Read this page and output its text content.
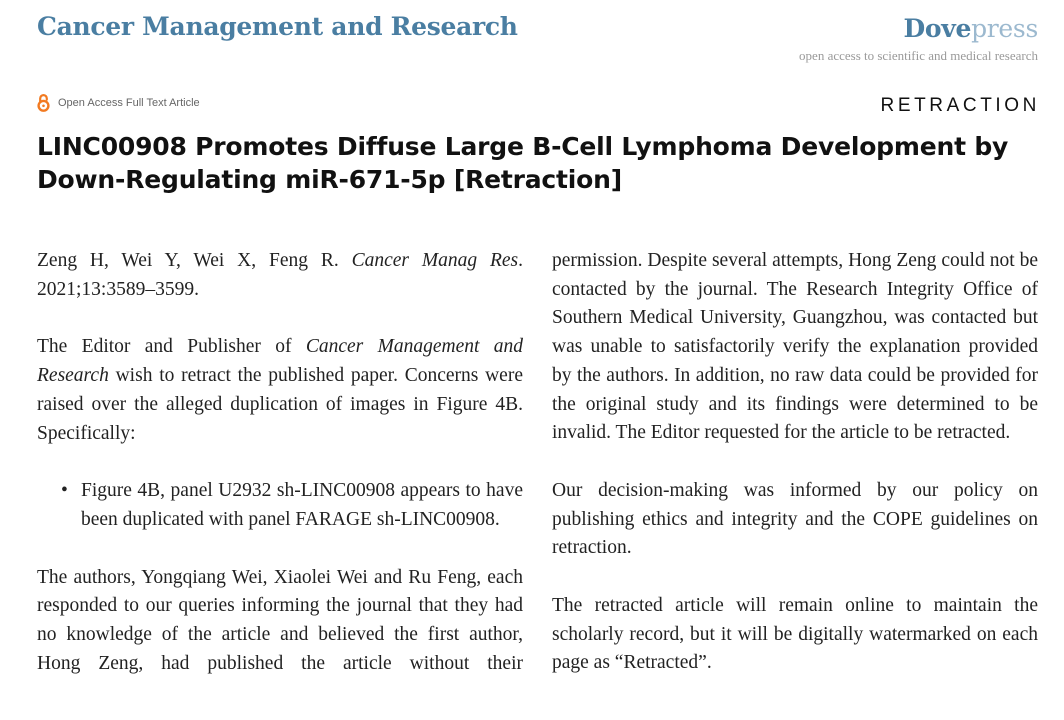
Cancer Management and Research	Dovepress
open access to scientific and medical research
Open Access Full Text Article	RETRACTION
LINC00908 Promotes Diffuse Large B-Cell Lymphoma Development by Down-Regulating miR-671-5p [Retraction]

Zeng H, Wei Y, Wei X, Feng R. Cancer Manag Res. 2021;13:3589–3599.

The Editor and Publisher of Cancer Management and Research wish to retract the published paper. Concerns were raised over the alleged duplication of images in Figure 4B. Specifically:

• Figure 4B, panel U2932 sh-LINC00908 appears to have been duplicated with panel FARAGE sh-LINC00908.

The authors, Yongqiang Wei, Xiaolei Wei and Ru Feng, each responded to our queries informing the journal that they had no knowledge of the article and believed the first author, Hong Zeng, had published the article without their

permission. Despite several attempts, Hong Zeng could not be contacted by the journal. The Research Integrity Office of Southern Medical University, Guangzhou, was contacted but was unable to satisfactorily verify the explanation provided by the authors. In addition, no raw data could be provided for the original study and its findings were determined to be invalid. The Editor requested for the article to be retracted.

Our decision-making was informed by our policy on publishing ethics and integrity and the COPE guidelines on retraction.

The retracted article will remain online to maintain the scholarly record, but it will be digitally watermarked on each page as “Retracted”.
